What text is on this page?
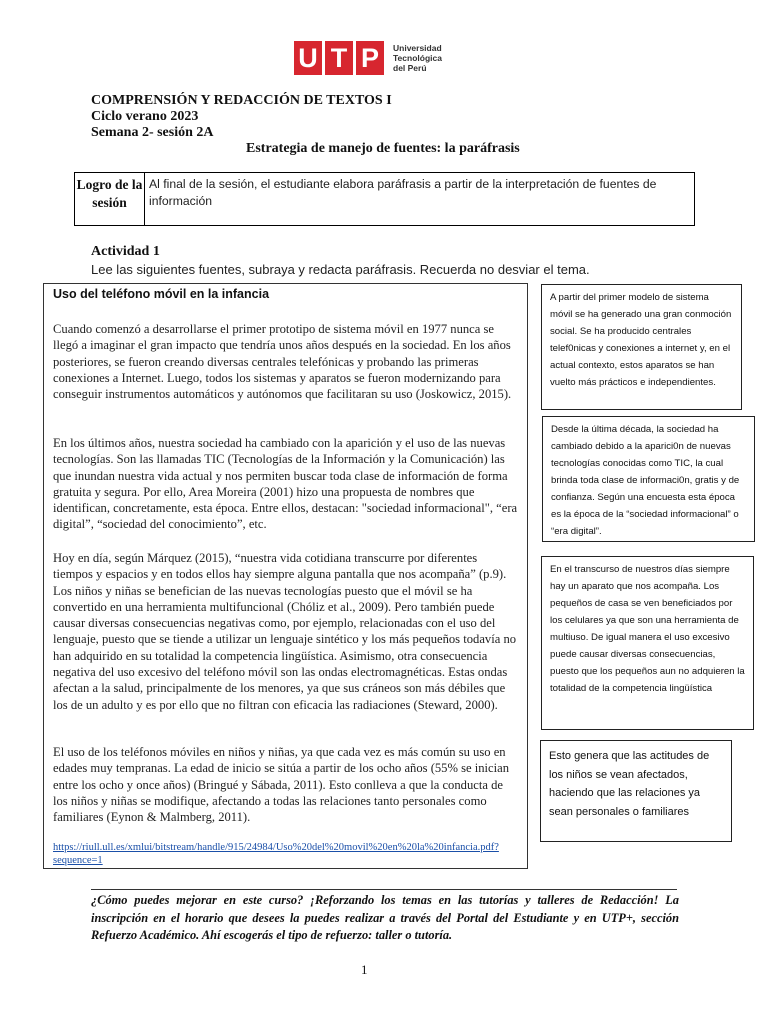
U T P	Universidad
Tecnológica
del Perú
COMPRENSIÓN Y REDACCIÓN DE TEXTOS I
Ciclo verano 2023
Semana 2- sesión 2A
Estrategia de manejo de fuentes: la paráfrasis
Logro de la sesión
Al final de la sesión, el estudiante elabora paráfrasis a partir de la interpretación de fuentes de información
Actividad 1
Lee las siguientes fuentes, subraya y redacta paráfrasis. Recuerda no desviar el tema.
Uso del teléfono móvil en la infancia
Cuando comenzó a desarrollarse el primer prototipo de sistema móvil en 1977 nunca se llegó a imaginar el gran impacto que tendría unos años después en la sociedad. En los años posteriores, se fueron creando diversas centrales telefónicas y probando las primeras conexiones a Internet. Luego, todos los sistemas y aparatos se fueron modernizando para conseguir instrumentos automáticos y autónomos que facilitaran su uso (Joskowicz, 2015).
En los últimos años, nuestra sociedad ha cambiado con la aparición y el uso de las nuevas tecnologías. Son las llamadas TIC (Tecnologías de la Información y la Comunicación) las que inundan nuestra vida actual y nos permiten buscar toda clase de información de forma gratuita y segura. Por ello, Area Moreira (2001) hizo una propuesta de nombres que identifican, concretamente, esta época. Entre ellos, destacan: "sociedad informacional", “era digital”, “sociedad del conocimiento”, etc.
Hoy en día, según Márquez (2015), “nuestra vida cotidiana transcurre por diferentes tiempos y espacios y en todos ellos hay siempre alguna pantalla que nos acompaña” (p.9). Los niños y niñas se benefician de las nuevas tecnologías puesto que el móvil se ha convertido en una herramienta multifuncional (Chóliz et al., 2009). Pero también puede causar diversas consecuencias negativas como, por ejemplo, relacionadas con el uso del lenguaje, puesto que se tiende a utilizar un lenguaje sintético y los más pequeños todavía no han adquirido en su totalidad la competencia lingüística. Asimismo, otra consecuencia negativa del uso excesivo del teléfono móvil son las ondas electromagnéticas. Estas ondas afectan a la salud, principalmente de los menores, ya que sus cráneos son más débiles que los de un adulto y es por ello que no filtran con eficacia las radiaciones (Steward, 2000).
El uso de los teléfonos móviles en niños y niñas, ya que cada vez es más común su uso en edades muy tempranas. La edad de inicio se sitúa a partir de los ocho años (55% se inician entre los ocho y once años) (Bringué y Sábada, 2011). Esto conlleva a que la conducta de los niños y niñas se modifique, afectando a todas las relaciones tanto personales como familiares (Eynon & Malmberg, 2011).
https://riull.ull.es/xmlui/bitstream/handle/915/24984/Uso%20del%20movil%20en%20la%20infancia.pdf?sequence=1
A partir del primer modelo de sistema móvil se ha generado una gran conmoción social. Se ha producido centrales telef0nicas y conexiones a internet y, en el actual contexto, estos aparatos se han vuelto más prácticos e independientes.
Desde la última década, la sociedad ha cambiado debido a la aparici0n de nuevas tecnologías conocidas como TIC, la cual brinda toda clase de informaci0n, gratis y de confianza. Según una encuesta esta época es la época de la “sociedad informacional” o “era digital”.
En el transcurso de nuestros días siempre hay un aparato que nos acompaña. Los pequeños de casa se ven beneficiados por los celulares ya que son una herramienta de multiuso. De igual manera el uso excesivo puede causar diversas consecuencias, puesto que los pequeños aun no adquieren la totalidad de la competencia lingüística
Esto genera que las actitudes de los niños se vean afectados, haciendo que las relaciones ya sean personales o familiares
¿Cómo puedes mejorar en este curso? ¡Reforzando los temas en las tutorías y talleres de Redacción! La inscripción en el horario que desees la puedes realizar a través del Portal del Estudiante y en UTP+, sección Refuerzo Académico. Ahí escogerás el tipo de refuerzo: taller o tutoría.
1
